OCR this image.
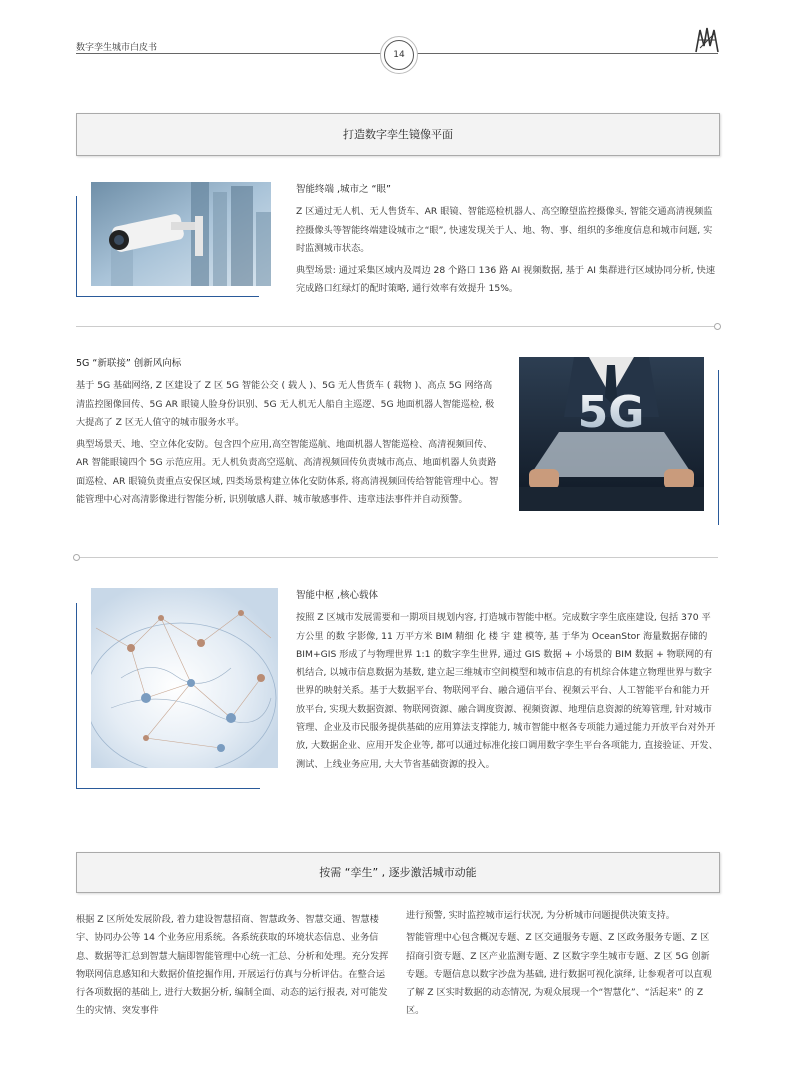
数字孪生城市白皮书
14
打造数字孪生镜像平面
智能终端 ,城市之 “眼”

Z 区通过无人机、无人售货车、AR 眼镜、智能巡检机器人、高空瞭望监控摄像头, 智能交通高清视频监控摄像头等智能终端建设城市之“眼”, 快速发现关于人、地、物、事、组织的多维度信息和城市问题, 实时监测城市状态。

典型场景: 通过采集区域内及周边 28 个路口 136 路 AI 视频数据, 基于 AI 集群进行区域协同分析, 快速完成路口红绿灯的配时策略, 通行效率有效提升 15%。

5G “新联接” 创新风向标

基于 5G 基础网络, Z 区建设了 Z 区 5G 智能公交 ( 载人 )、5G 无人售货车 ( 载物 )、高点 5G 网络高清监控图像回传、5G AR 眼镜人脸身份识别、5G 无人机无人船自主巡逻、5G 地面机器人智能巡检, 极大提高了 Z 区无人值守的城市服务水平。

典型场景天、地、空立体化安防。包含四个应用,高空智能巡航、地面机器人智能巡检、高清视频回传、AR 智能眼镜四个 5G 示范应用。无人机负责高空巡航、高清视频回传负责城市高点、地面机器人负责路面巡检、AR 眼镜负责重点安保区域, 四类场景构建立体化安防体系, 将高清视频回传给智能管理中心。智能管理中心对高清影像进行智能分析, 识别敏感人群、城市敏感事件、违章违法事件并自动预警。

5G
智能中枢 ,核心载体

按照 Z 区城市发展需要和一期项目规划内容, 打造城市智能中枢。完成数字孪生底座建设, 包括 370 平方公里 的数 字影像, 11 万平方米 BIM 精细 化 楼 宇 建 模等, 基 于华为 OceanStor 海量数据存储的 BIM+GIS 形成了与物理世界 1:1 的数字孪生世界, 通过 GIS 数据 + 小场景的 BIM 数据 + 物联网的有机结合, 以城市信息数据为基数, 建立起三维城市空间模型和城市信息的有机综合体建立物理世界与数字世界的映射关系。基于大数据平台、物联网平台、融合通信平台、视频云平台、人工智能平台和能力开放平台, 实现大数据资源、物联网资源、融合调度资源、视频资源、地理信息资源的统筹管理, 针对城市管理、企业及市民服务提供基础的应用算法支撑能力, 城市智能中枢各专项能力通过能力开放平台对外开放, 大数据企业、应用开发企业等, 都可以通过标准化接口调用数字孪生平台各项能力, 直接验证、开发、测试、上线业务应用, 大大节省基础资源的投入。

按需 “孪生” , 逐步激活城市动能

根据 Z 区所处发展阶段, 着力建设智慧招商、智慧政务、智慧交通、智慧楼宇、协同办公等 14 个业务应用系统。各系统获取的环境状态信息、业务信息、数据等汇总到智慧大脑即智能管理中心统一汇总、分析和处理。充分发挥物联网信息感知和大数据价值挖掘作用, 开展运行仿真与分析评估。在整合运行各项数据的基础上, 进行大数据分析, 编制全面、动态的运行报表, 对可能发生的灾情、突发事件

进行预警, 实时监控城市运行状况, 为分析城市问题提供决策支持。

智能管理中心包含概况专题、Z 区交通服务专题、Z 区政务服务专题、Z 区招商引资专题、Z 区产业监测专题、Z 区数字孪生城市专题、Z 区 5G 创新专题。专题信息以数字沙盘为基础, 进行数据可视化演绎, 让参观者可以直观了解 Z 区实时数据的动态情况, 为观众展现一个“智慧化”、“活起来” 的 Z 区。
